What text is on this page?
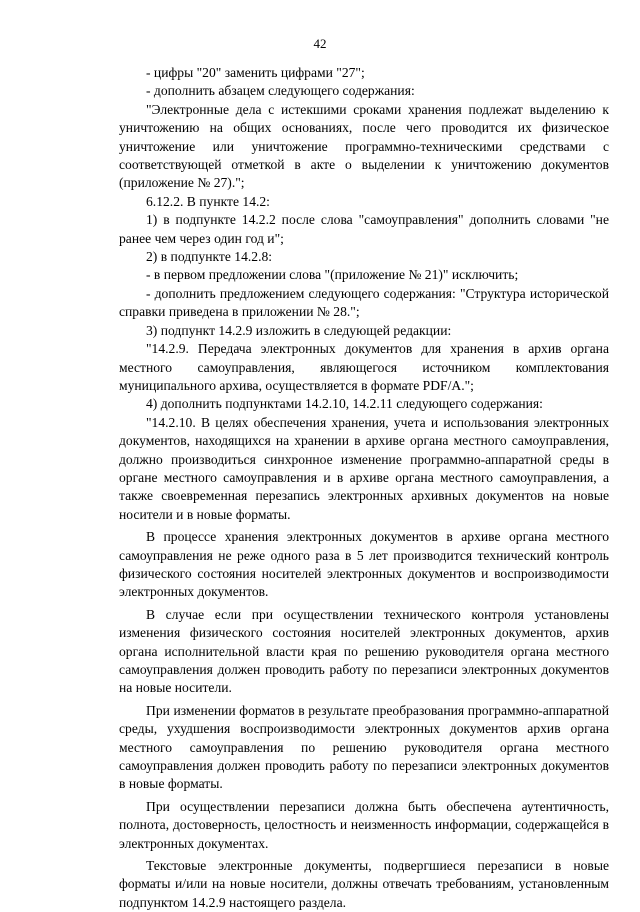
42

- цифры "20" заменить цифрами "27";

- дополнить абзацем следующего содержания:

"Электронные дела с истекшими сроками хранения подлежат выделению к уничтожению на общих основаниях, после чего проводится их физическое уничтожение или уничтожение программно-техническими средствами с соответствующей отметкой в акте о выделении к уничтожению документов (приложение № 27).";

6.12.2. В пункте 14.2:

1) в подпункте 14.2.2 после слова "самоуправления" дополнить словами "не ранее чем через один год и";

2) в подпункте 14.2.8:

- в первом предложении слова "(приложение № 21)" исключить;

- дополнить предложением следующего содержания: "Структура исторической справки приведена в приложении № 28.";

3) подпункт 14.2.9 изложить в следующей редакции:

"14.2.9. Передача электронных документов для хранения в архив органа местного самоуправления, являющегося источником комплектования муниципального архива, осуществляется в формате PDF/A.";

4) дополнить подпунктами 14.2.10, 14.2.11 следующего содержания:

"14.2.10. В целях обеспечения хранения, учета и использования электронных документов, находящихся на хранении в архиве органа местного самоуправления, должно производиться синхронное изменение программно-аппаратной среды в органе местного самоуправления и в архиве органа местного самоуправления, а также своевременная перезапись электронных архивных документов на новые носители и в новые форматы.

В процессе хранения электронных документов в архиве органа местного самоуправления не реже одного раза в 5 лет производится технический контроль физического состояния носителей электронных документов и воспроизводимости электронных документов.

В случае если при осуществлении технического контроля установлены изменения физического состояния носителей электронных документов, архив органа исполнительной власти края по решению руководителя органа местного самоуправления должен проводить работу по перезаписи электронных документов на новые носители.

При изменении форматов в результате преобразования программно-аппаратной среды, ухудшения воспроизводимости электронных документов архив органа местного самоуправления по решению руководителя органа местного самоуправления должен проводить работу по перезаписи электронных документов в новые форматы.

При осуществлении перезаписи должна быть обеспечена аутентичность, полнота, достоверность, целостность и неизменность информации, содержащейся в электронных документах.

Текстовые электронные документы, подвергшиеся перезаписи в новые форматы и/или на новые носители, должны отвечать требованиям, установленным подпунктом 14.2.9 настоящего раздела.
